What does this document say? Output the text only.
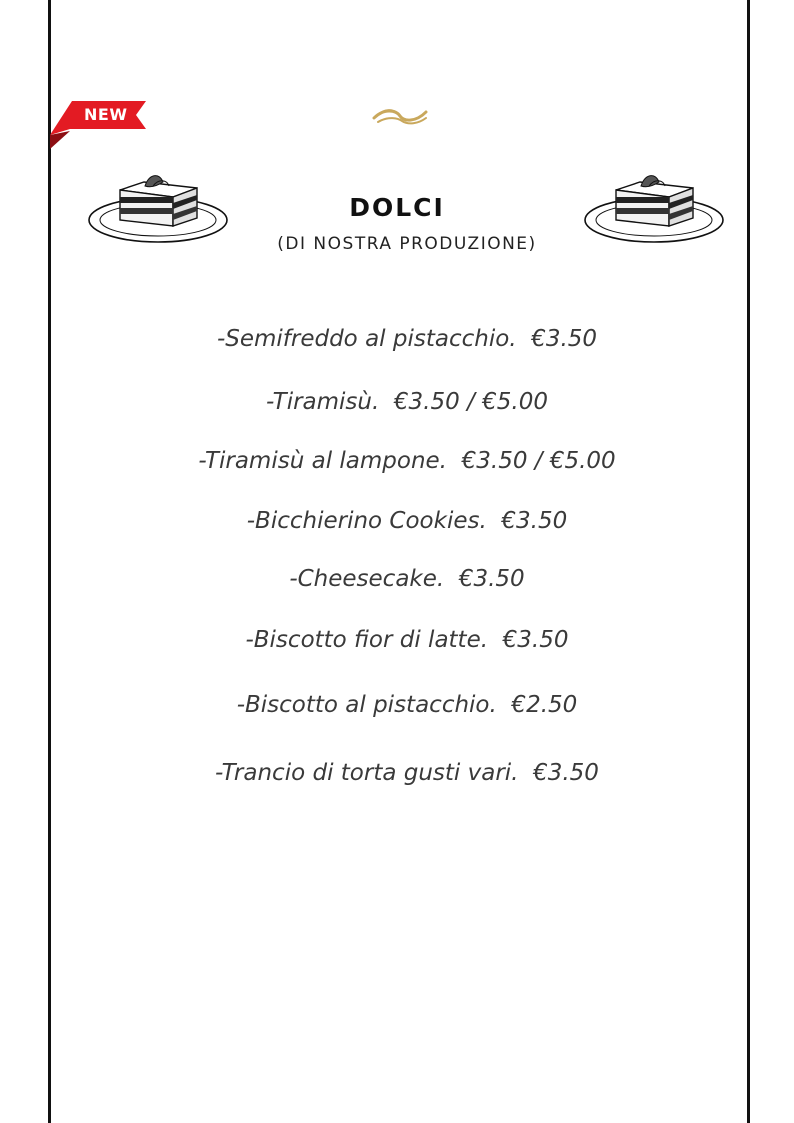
NEW
DOLCI
(DI NOSTRA PRODUZIONE)
-Semifreddo al pistacchio.  €3.50
-Tiramisù.  €3.50 / €5.00
-Tiramisù al lampone.  €3.50 / €5.00
-Bicchierino Cookies.  €3.50
-Cheesecake.  €3.50
-Biscotto fior di latte.  €3.50
-Biscotto al pistacchio.  €2.50
-Trancio di torta gusti vari.  €3.50
